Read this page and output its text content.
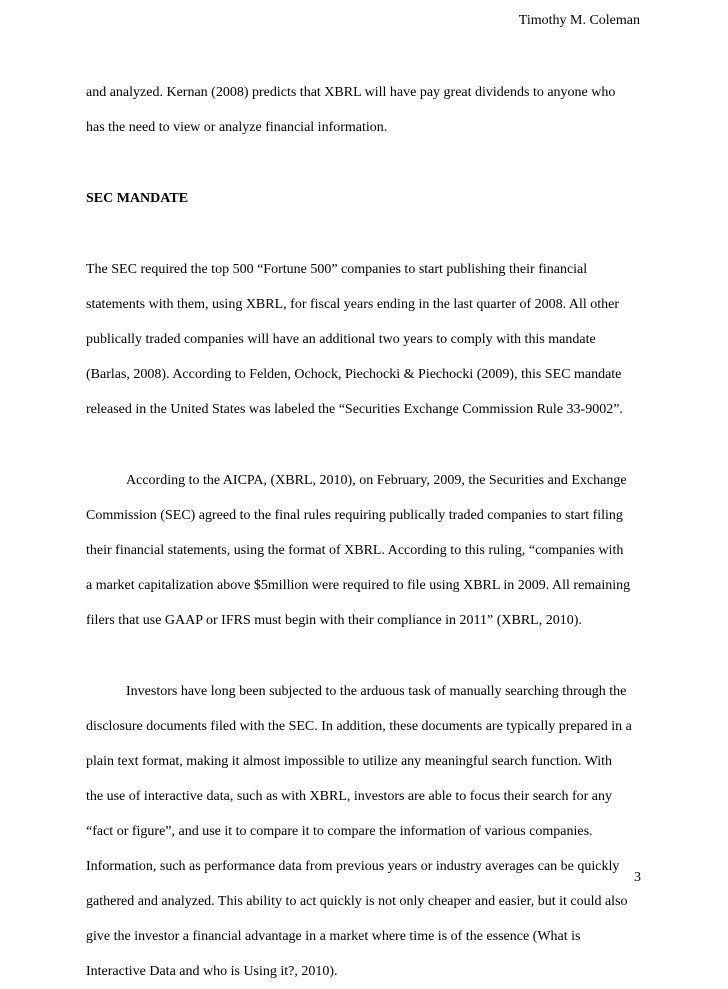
Timothy M. Coleman

and analyzed. Kernan (2008) predicts that XBRL will have pay great dividends to anyone who

has the need to view or analyze financial information.

SEC MANDATE

The SEC required the top 500 “Fortune 500” companies to start publishing their financial

statements with them, using XBRL, for fiscal years ending in the last quarter of 2008. All other

publically traded companies will have an additional two years to comply with this mandate

(Barlas, 2008). According to Felden, Ochock, Piechocki & Piechocki (2009), this SEC mandate

released in the United States was labeled the “Securities Exchange Commission Rule 33-9002”.

According to the AICPA, (XBRL, 2010), on February, 2009, the Securities and Exchange

Commission (SEC) agreed to the final rules requiring publically traded companies to start filing

their financial statements, using the format of XBRL. According to this ruling, “companies with

a market capitalization above $5million were required to file using XBRL in 2009. All remaining

filers that use GAAP or IFRS must begin with their compliance in 2011” (XBRL, 2010).

Investors have long been subjected to the arduous task of manually searching through the

disclosure documents filed with the SEC. In addition, these documents are typically prepared in a

plain text format, making it almost impossible to utilize any meaningful search function. With

the use of interactive data, such as with XBRL, investors are able to focus their search for any

“fact or figure”, and use it to compare it to compare the information of various companies.

Information, such as performance data from previous years or industry averages can be quickly

gathered and analyzed. This ability to act quickly is not only cheaper and easier, but it could also

give the investor a financial advantage in a market where time is of the essence (What is

Interactive Data and who is Using it?, 2010).

3
